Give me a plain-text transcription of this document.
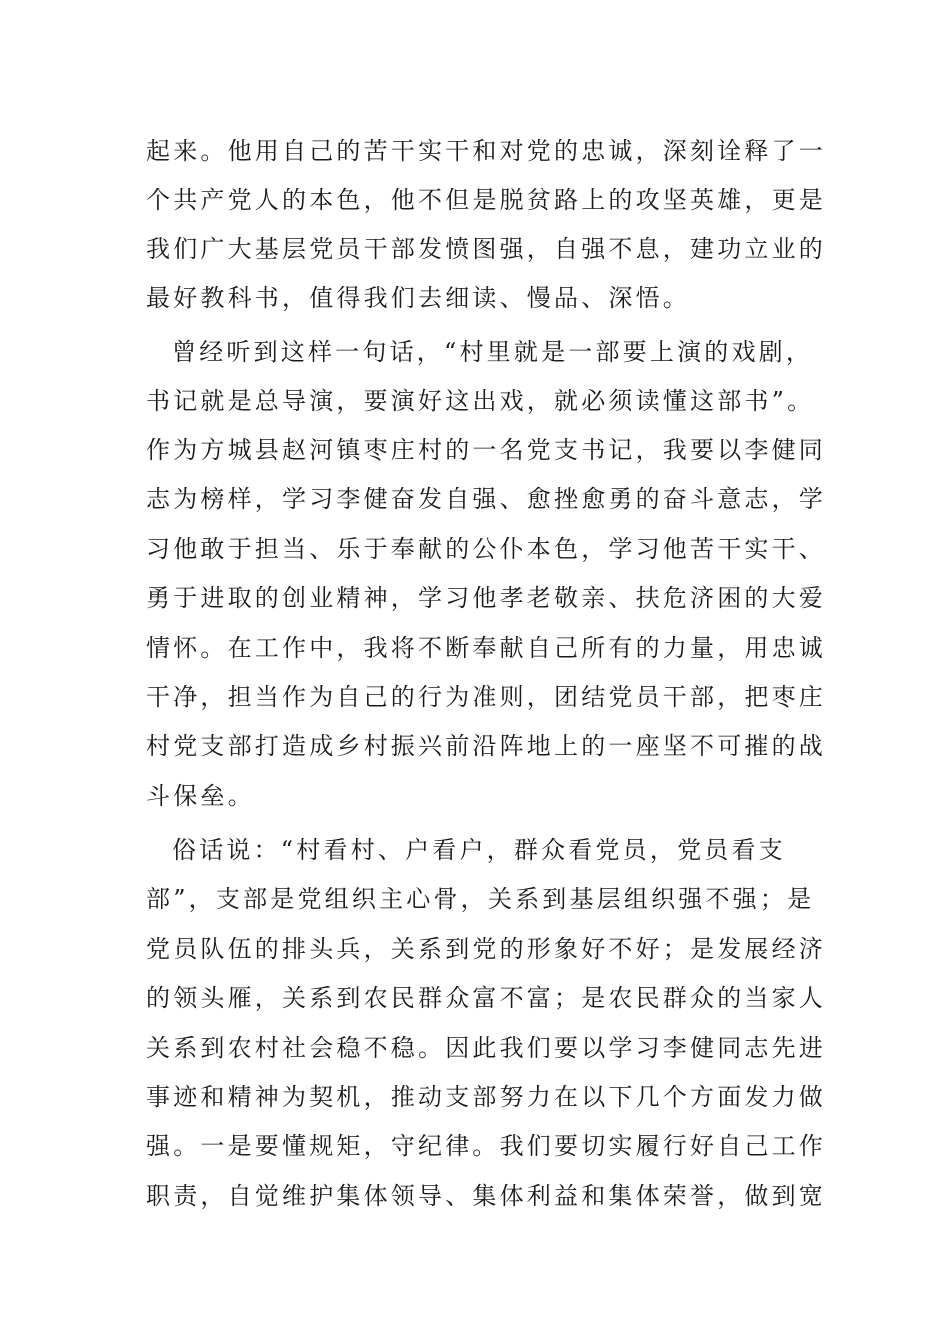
起来。他用自己的苦干实干和对党的忠诚，深刻诠释了一
个共产党人的本色，他不但是脱贫路上的攻坚英雄，更是
我们广大基层党员干部发愤图强，自强不息，建功立业的
最好教科书，值得我们去细读、慢品、深悟。
曾经听到这样一句话，“村里就是一部要上演的戏剧，
书记就是总导演，要演好这出戏，就必须读懂这部书”。
作为方城县赵河镇枣庄村的一名党支书记，我要以李健同
志为榜样，学习李健奋发自强、愈挫愈勇的奋斗意志，学
习他敢于担当、乐于奉献的公仆本色，学习他苦干实干、
勇于进取的创业精神，学习他孝老敬亲、扶危济困的大爱
情怀。在工作中，我将不断奉献自己所有的力量，用忠诚
干净，担当作为自己的行为准则，团结党员干部，把枣庄
村党支部打造成乡村振兴前沿阵地上的一座坚不可摧的战
斗保垒。
俗话说：“村看村、户看户，群众看党员，党员看支
部”，支部是党组织主心骨，关系到基层组织强不强；是
党员队伍的排头兵，关系到党的形象好不好；是发展经济
的领头雁，关系到农民群众富不富；是农民群众的当家人
关系到农村社会稳不稳。因此我们要以学习李健同志先进
事迹和精神为契机，推动支部努力在以下几个方面发力做
强。一是要懂规矩，守纪律。我们要切实履行好自己工作
职责，自觉维护集体领导、集体利益和集体荣誉，做到宽
